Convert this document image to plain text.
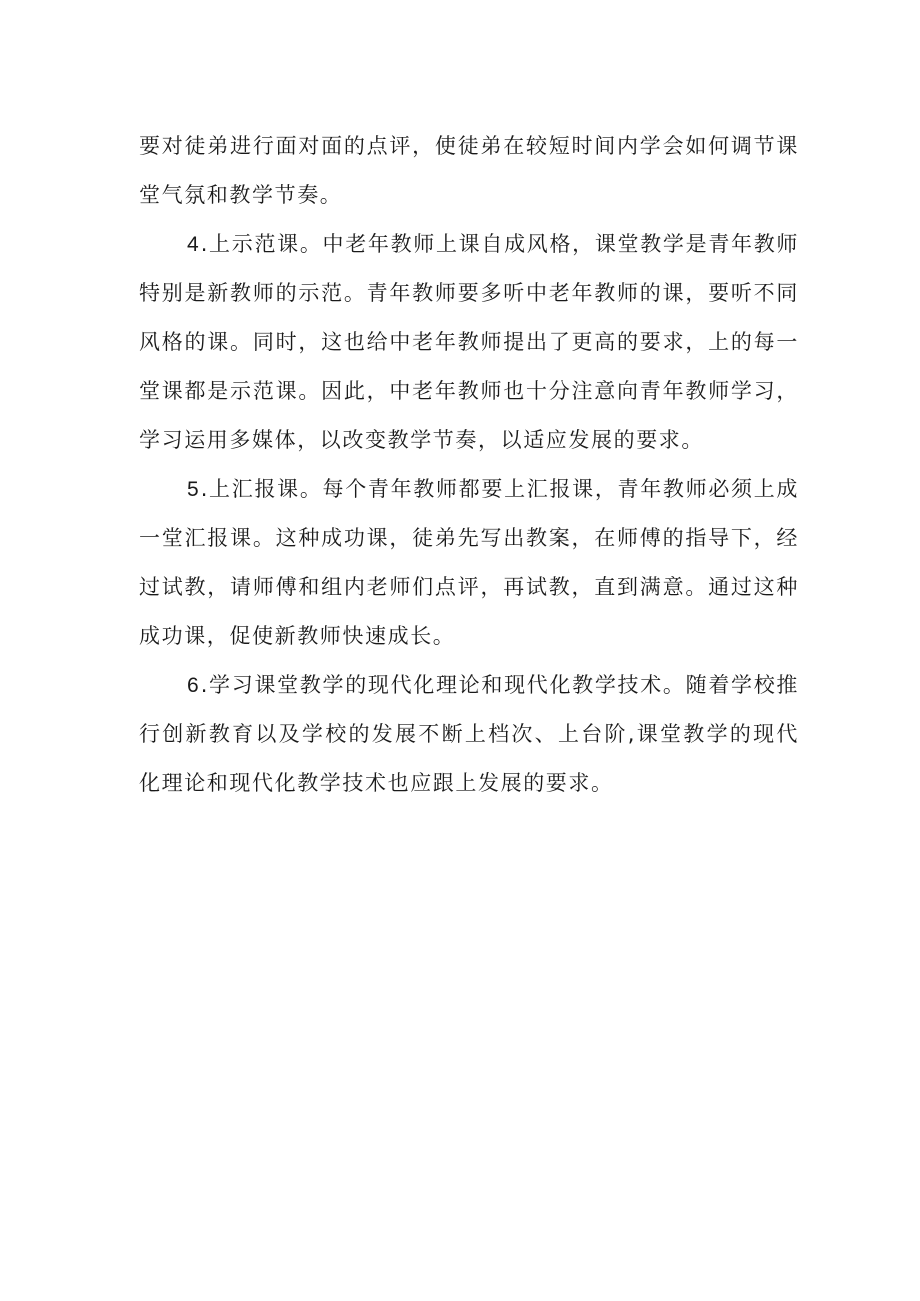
要对徒弟进行面对面的点评，使徒弟在较短时间内学会如何调节课堂气氛和教学节奏。

4.上示范课。中老年教师上课自成风格，课堂教学是青年教师特别是新教师的示范。青年教师要多听中老年教师的课，要听不同风格的课。同时，这也给中老年教师提出了更高的要求，上的每一堂课都是示范课。因此，中老年教师也十分注意向青年教师学习，学习运用多媒体，以改变教学节奏，以适应发展的要求。

5.上汇报课。每个青年教师都要上汇报课，青年教师必须上成一堂汇报课。这种成功课，徒弟先写出教案，在师傅的指导下，经过试教，请师傅和组内老师们点评，再试教，直到满意。通过这种成功课，促使新教师快速成长。

6.学习课堂教学的现代化理论和现代化教学技术。随着学校推行创新教育以及学校的发展不断上档次、上台阶,课堂教学的现代化理论和现代化教学技术也应跟上发展的要求。
